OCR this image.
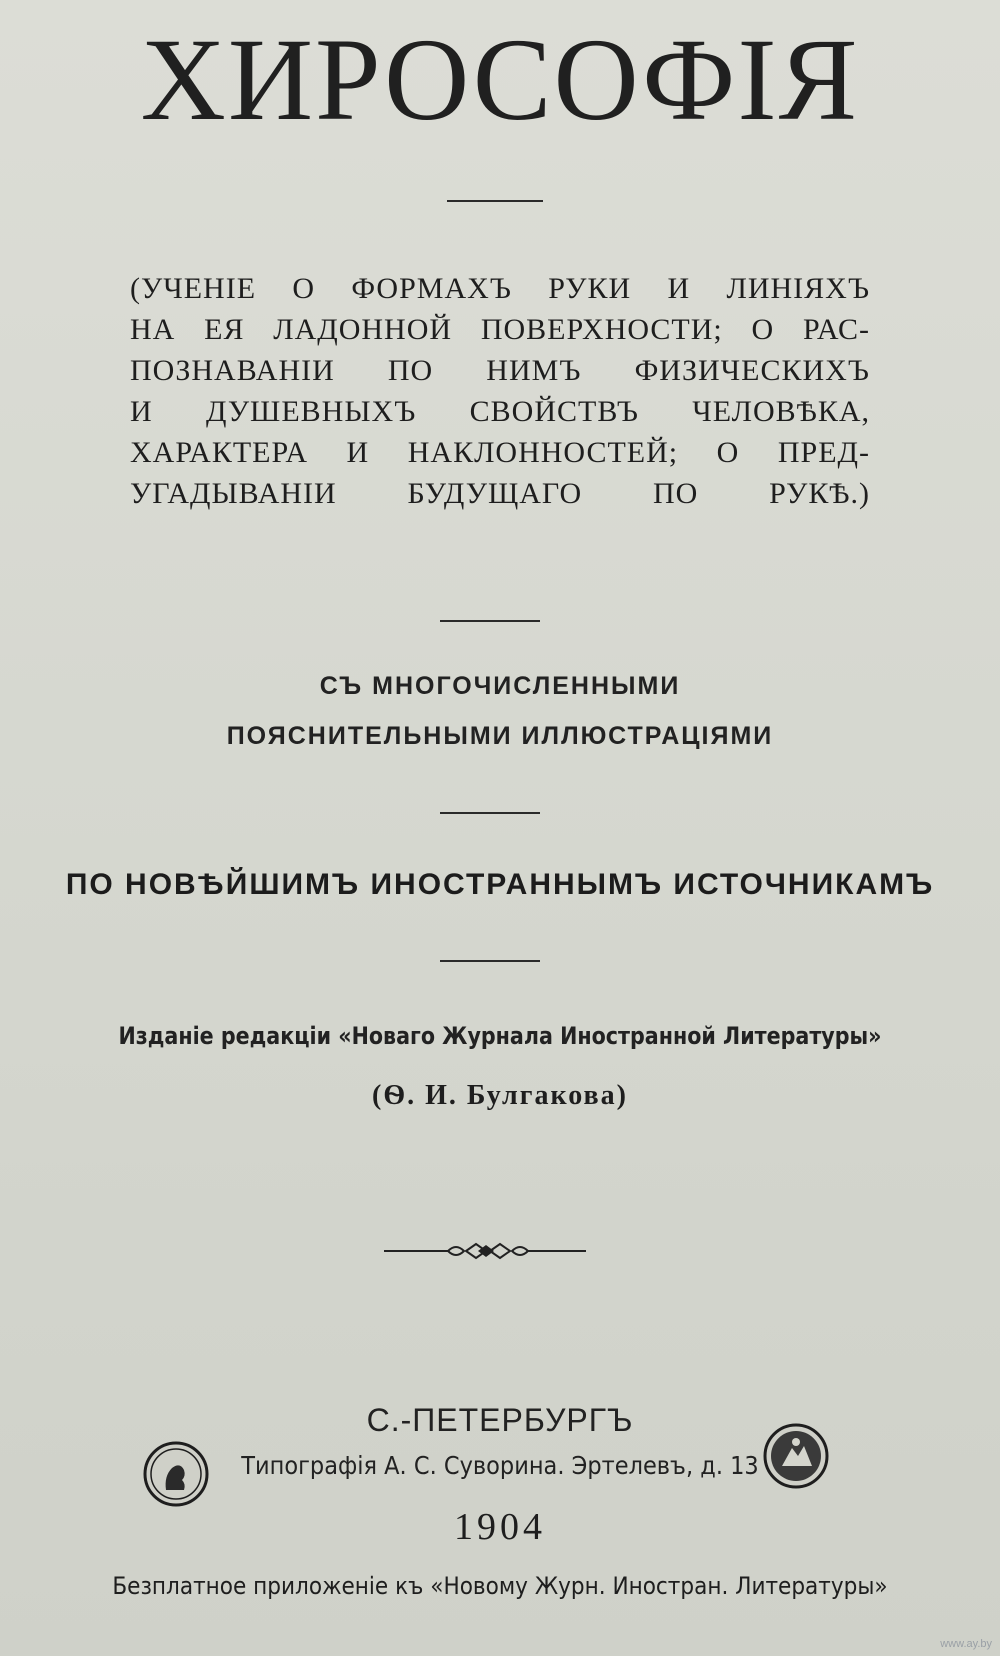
ХИРОСОФІЯ
(УЧЕНІЕ О ФОРМАХЪ РУКИ И ЛИНІЯХЪ
НА ЕЯ ЛАДОННОЙ ПОВЕРХНОСТИ; О РАС-
ПОЗНАВАНІИ ПО НИМЪ ФИЗИЧЕСКИХЪ
И ДУШЕВНЫХЪ СВОЙСТВЪ ЧЕЛОВѢКА,
ХАРАКТЕРА И НАКЛОННОСТЕЙ; О ПРЕД-
УГАДЫВАНІИ БУДУЩАГО ПО РУКѢ.)
СЪ МНОГОЧИСЛЕННЫМИ
ПОЯСНИТЕЛЬНЫМИ ИЛЛЮСТРАЦІЯМИ
ПО НОВѢЙШИМЪ ИНОСТРАННЫМЪ ИСТОЧНИКАМЪ
Изданіе редакціи «Новаго Журнала Иностранной Литературы»
(Ѳ. И. Булгакова)
С.-ПЕТЕРБУРГЪ
Типографія А. С. Суворина. Эртелевъ, д. 13
1904
Безплатное приложеніе къ «Новому Журн. Иностран. Литературы»
www.ay.by
